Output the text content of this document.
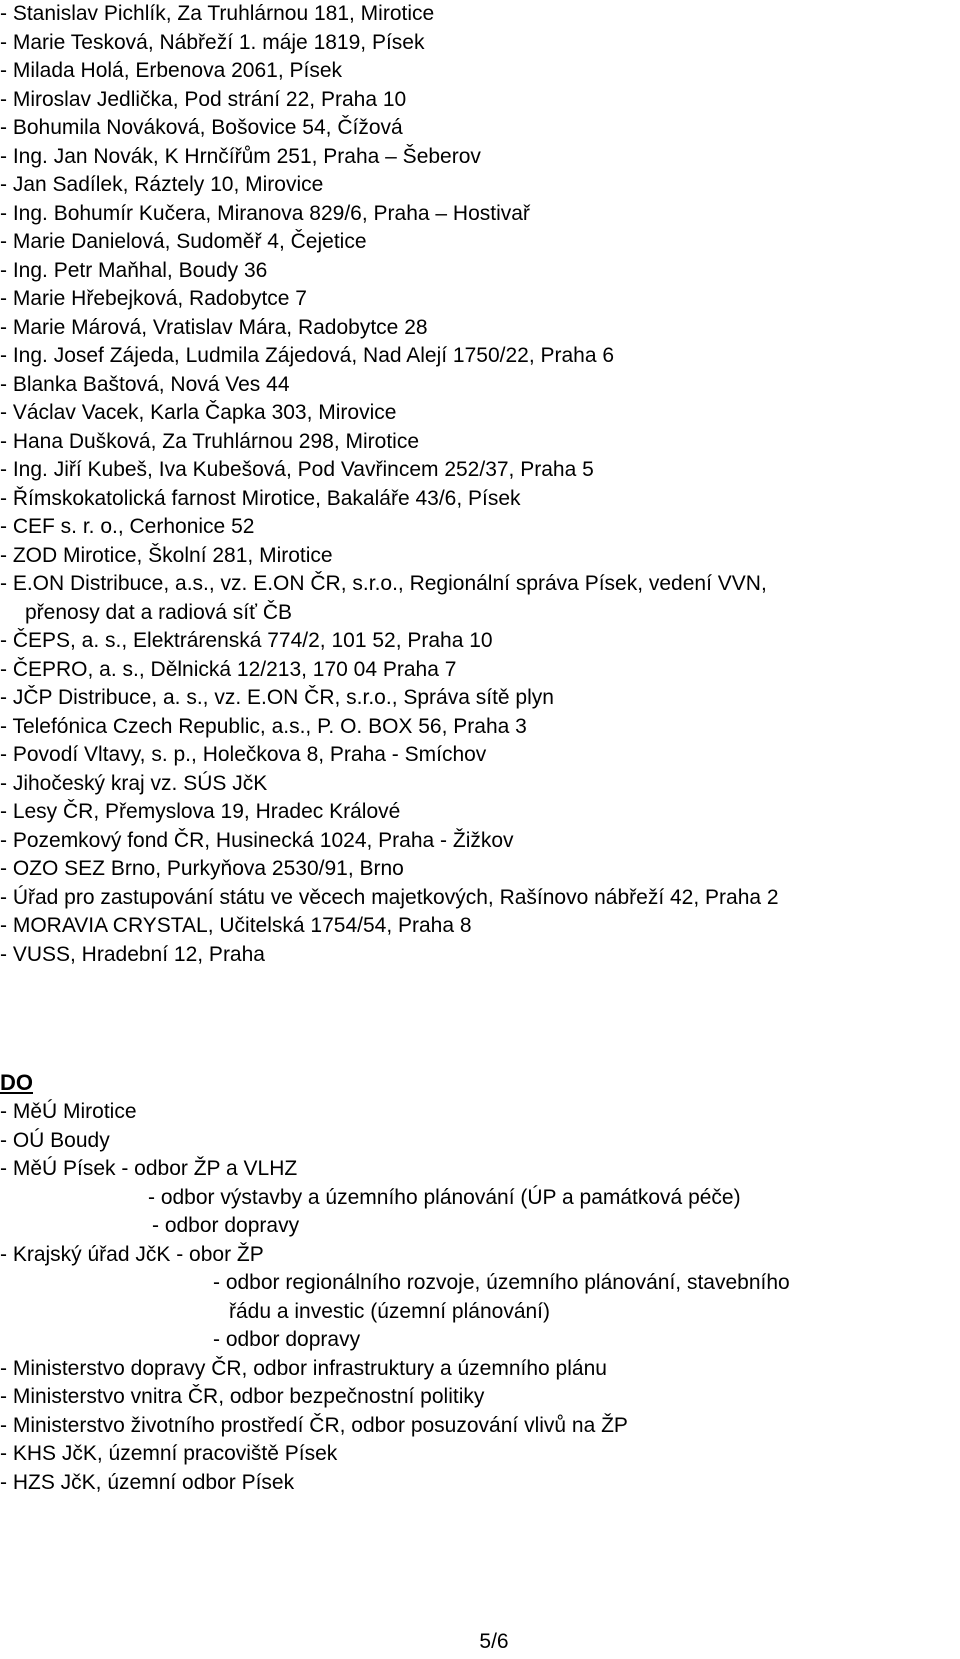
- Stanislav Pichlík, Za Truhlárnou 181, Mirotice
- Marie Tesková, Nábřeží 1. máje 1819, Písek
- Milada Holá, Erbenova 2061, Písek
- Miroslav Jedlička, Pod strání 22, Praha 10
- Bohumila Nováková, Bošovice 54, Čížová
- Ing. Jan Novák, K Hrnčířům 251, Praha – Šeberov
- Jan Sadílek, Ráztely 10, Mirovice
- Ing. Bohumír Kučera, Miranova 829/6, Praha – Hostivař
- Marie Danielová, Sudoměř 4, Čejetice
- Ing. Petr Maňhal, Boudy 36
- Marie Hřebejková, Radobytce 7
- Marie Márová, Vratislav Mára, Radobytce 28
- Ing. Josef Zájeda, Ludmila Zájedová, Nad Alejí 1750/22, Praha 6
- Blanka Baštová, Nová Ves 44
- Václav Vacek, Karla Čapka 303, Mirovice
- Hana Dušková, Za Truhlárnou 298, Mirotice
- Ing. Jiří Kubeš, Iva Kubešová, Pod Vavřincem 252/37, Praha 5
- Římskokatolická farnost Mirotice, Bakaláře 43/6, Písek
- CEF s. r. o., Cerhonice 52
- ZOD Mirotice, Školní 281, Mirotice
- E.ON Distribuce, a.s., vz. E.ON ČR, s.r.o., Regionální správa Písek, vedení VVN,
přenosy dat a radiová síť ČB
- ČEPS, a. s., Elektrárenská 774/2, 101 52, Praha 10
- ČEPRO, a. s., Dělnická 12/213, 170 04 Praha 7
- JČP Distribuce, a. s., vz. E.ON ČR, s.r.o., Správa sítě plyn
- Telefónica Czech Republic, a.s., P. O. BOX 56, Praha 3
- Povodí Vltavy, s. p., Holečkova 8, Praha - Smíchov
- Jihočeský kraj vz. SÚS JčK
- Lesy ČR, Přemyslova 19, Hradec Králové
- Pozemkový fond ČR, Husinecká 1024, Praha - Žižkov
- OZO SEZ Brno, Purkyňova 2530/91, Brno
- Úřad pro zastupování státu ve věcech majetkových, Rašínovo nábřeží 42, Praha 2
- MORAVIA CRYSTAL, Učitelská 1754/54, Praha 8
- VUSS, Hradební 12, Praha
DO
- MěÚ Mirotice
- OÚ Boudy
- MěÚ Písek - odbor ŽP a VLHZ
- odbor výstavby a územního plánování (ÚP a památková péče)
- odbor dopravy
- Krajský úřad JčK - obor ŽP
- odbor regionálního rozvoje, územního plánování, stavebního
řádu a investic (územní plánování)
- odbor dopravy
- Ministerstvo dopravy ČR, odbor infrastruktury a územního plánu
- Ministerstvo vnitra ČR, odbor bezpečnostní politiky
- Ministerstvo životního prostředí ČR, odbor posuzování vlivů na ŽP
- KHS JčK, územní pracoviště Písek
- HZS JčK, územní odbor Písek
5/6
